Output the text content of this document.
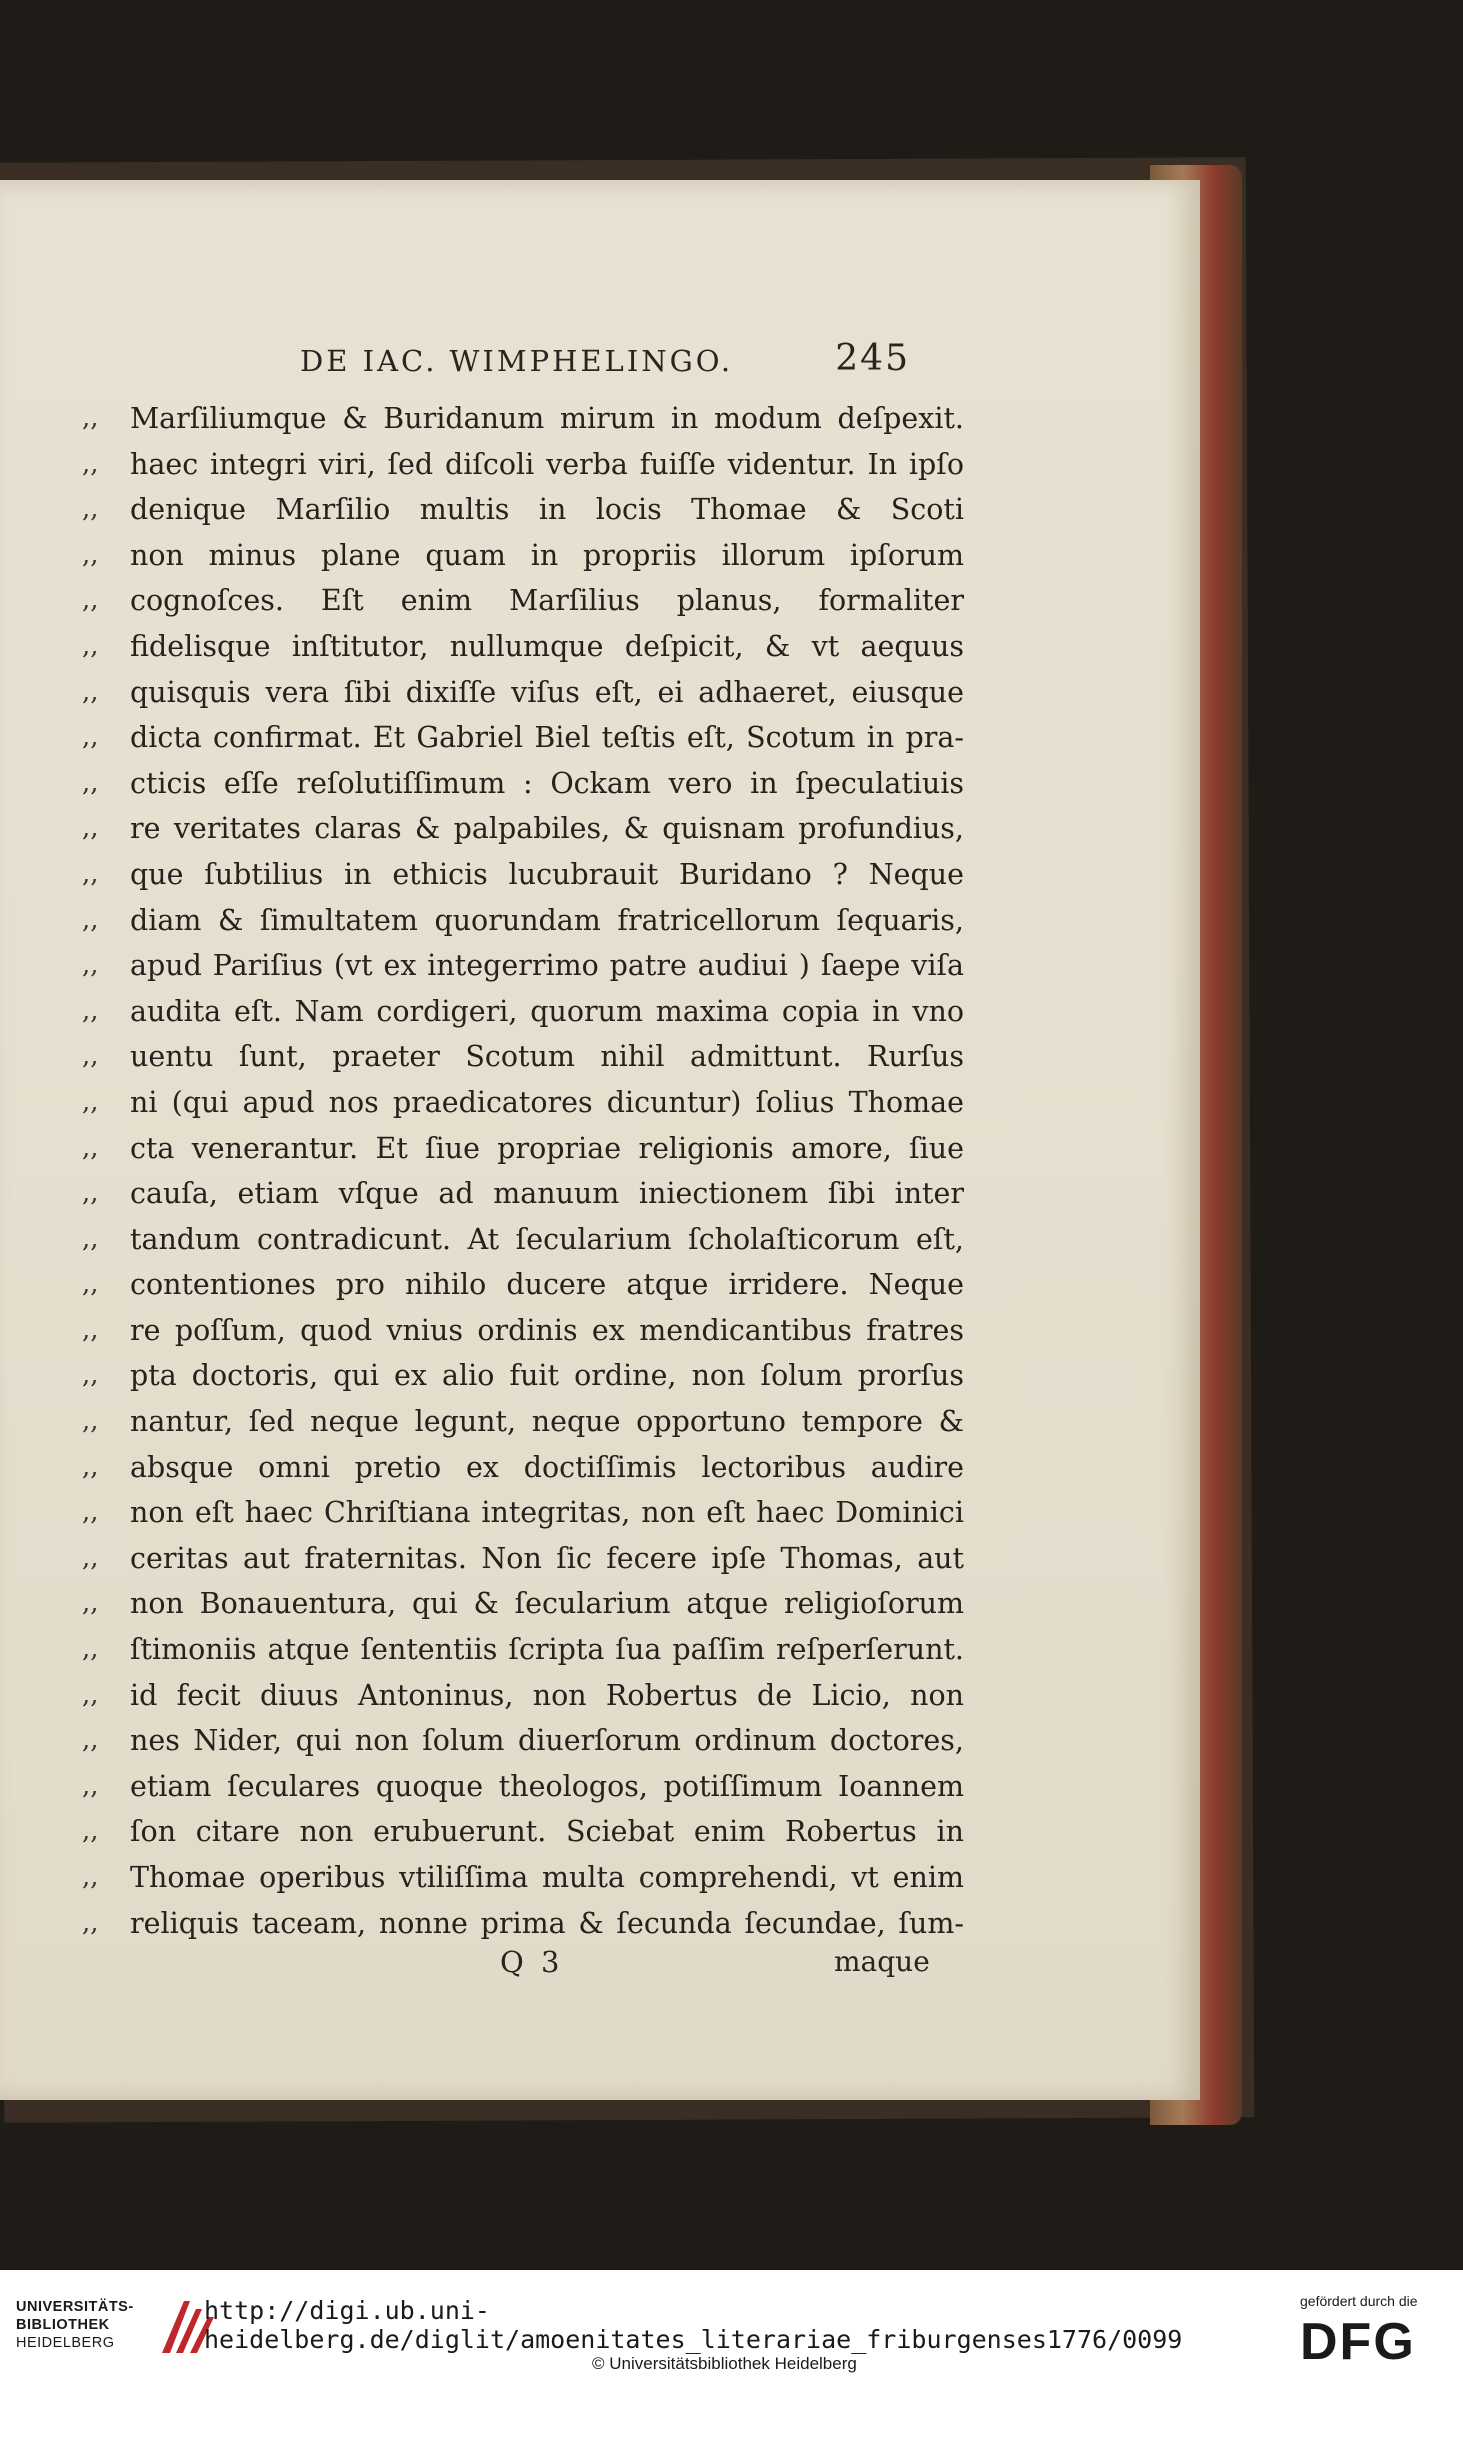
DE IAC. WIMPHELINGO.	245
,,	Marſiliumque & Buridanum mirum in modum deſpexit.
,,	haec integri viri, ſed diſcoli verba fuiſſe videntur. In ipſo
,,	denique Marſilio multis in locis Thomae & Scoti
,,	non minus plane quam in propriis illorum ipſorum
,,	cognoſces. Eſt enim Marſilius planus, formaliter
,,	fidelisque inſtitutor, nullumque deſpicit, & vt aequus
,,	quisquis vera ſibi dixiſſe viſus eſt, ei adhaeret, eiusque
,,	dicta confirmat. Et Gabriel Biel teſtis eſt, Scotum in pra-
,,	cticis eſſe reſolutiſſimum : Ockam vero in ſpeculatiuis
,,	re veritates claras & palpabiles, & quisnam profundius,
,,	que ſubtilius in ethicis lucubrauit Buridano ? Neque
,,	diam & ſimultatem quorundam fratricellorum ſequaris,
,,	apud Pariſius (vt ex integerrimo patre audiui ) ſaepe viſa
,,	audita eſt. Nam cordigeri, quorum maxima copia in vno
,,	uentu ſunt, praeter Scotum nihil admittunt. Rurſus
,,	ni (qui apud nos praedicatores dicuntur) ſolius Thomae
,,	cta venerantur. Et ſiue propriae religionis amore, ſiue
,,	cauſa, etiam vſque ad manuum iniectionem ſibi inter
,,	tandum contradicunt. At ſecularium ſcholaſticorum eſt,
,,	contentiones pro nihilo ducere atque irridere. Neque
,,	re poſſum, quod vnius ordinis ex mendicantibus fratres
,,	pta doctoris, qui ex alio fuit ordine, non ſolum prorſus
,,	nantur, ſed neque legunt, neque opportuno tempore &
,,	absque omni pretio ex doctiſſimis lectoribus audire
,,	non eſt haec Chriſtiana integritas, non eſt haec Dominici
,,	ceritas aut fraternitas. Non ſic fecere ipſe Thomas, aut
,,	non Bonauentura, qui & ſecularium atque religioſorum
,,	ſtimoniis atque ſententiis ſcripta ſua paſſim reſperſerunt.
,,	id fecit diuus Antoninus, non Robertus de Licio, non
,,	nes Nider, qui non ſolum diuerſorum ordinum doctores,
,,	etiam ſeculares quoque theologos, potiſſimum Ioannem
,,	ſon citare non erubuerunt. Sciebat enim Robertus in
,,	Thomae operibus vtiliſſima multa comprehendi, vt enim
,,	reliquis taceam, nonne prima & ſecunda ſecundae, ſum-
Q 3	maque
UNIVERSITÄTS-
BIBLIOTHEK
HEIDELBERG
http://digi.ub.uni-heidelberg.de/diglit/amoenitates_literariae_friburgenses1776/0099
© Universitätsbibliothek Heidelberg
gefördert durch die
DFG
